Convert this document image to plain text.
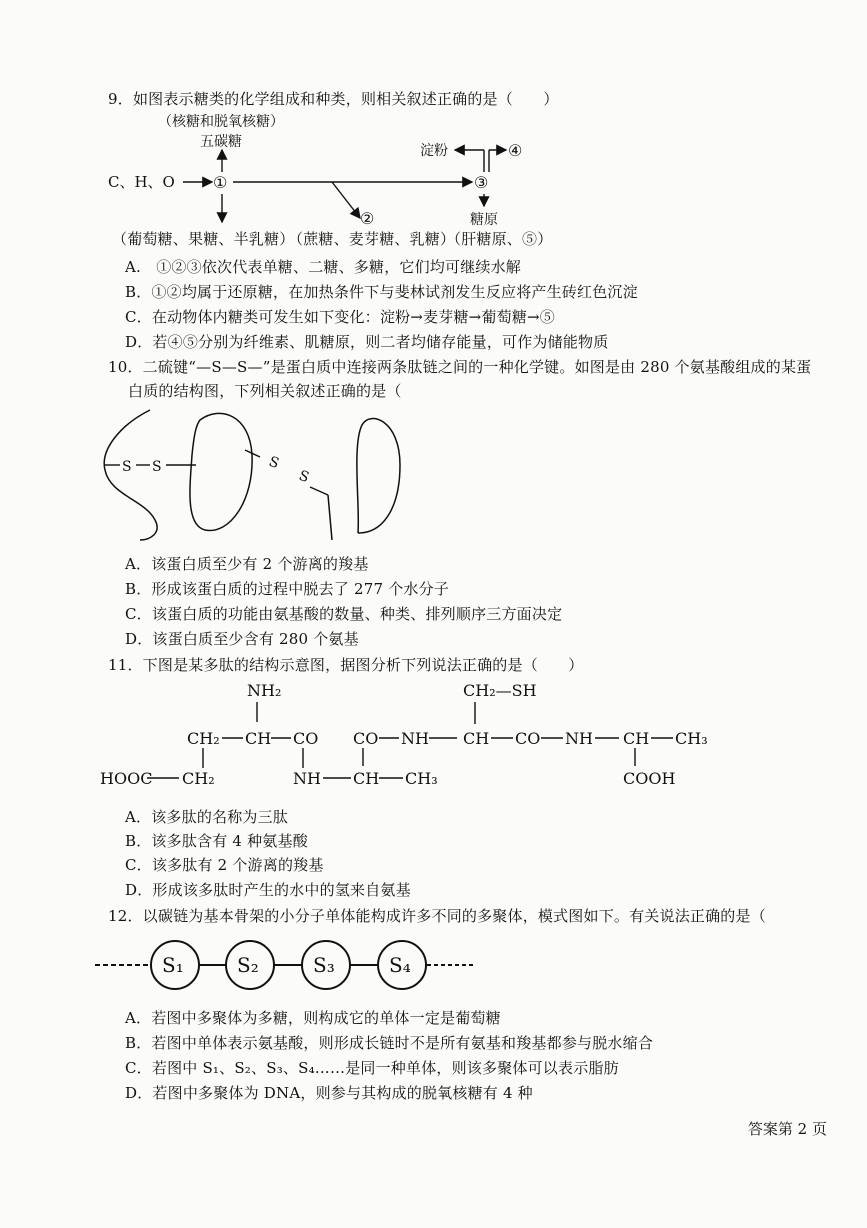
9．如图表示糖类的化学组成和种类，则相关叙述正确的是（　　）
（核糖和脱氧核糖）
五碳糖
C、H、O ①
②
③
淀粉	④
糖原
（葡萄糖、果糖、半乳糖）
（蔗糖、麦芽糖、乳糖）
（肝糖原、⑤）
A.　①②③依次代表单糖、二糖、多糖，它们均可继续水解
B．①②均属于还原糖，在加热条件下与斐林试剂发生反应将产生砖红色沉淀
C．在动物体内糖类可发生如下变化：淀粉→麦芽糖→葡萄糖→⑤
D．若④⑤分别为纤维素、肌糖原，则二者均储存能量，可作为储能物质
10．二硫键“—S—S—”是蛋白质中连接两条肽链之间的一种化学键。如图是由 280 个氨基酸组成的某蛋
白质的结构图，下列相关叙述正确的是（
S S	S
S
A．该蛋白质至少有 2 个游离的羧基
B．形成该蛋白质的过程中脱去了 277 个水分子
C．该蛋白质的功能由氨基酸的数量、种类、排列顺序三方面决定
D．该蛋白质至少含有 280 个氨基
11．下图是某多肽的结构示意图，据图分析下列说法正确的是（　　）
NH₂
CH₂ CH CO
HOOC CH₂	NH CH CH₃
CO NH CH
CH₂—SH
CO NH CH CH₃
COOH
A．该多肽的名称为三肽
B．该多肽含有 4 种氨基酸
C．该多肽有 2 个游离的羧基
D．形成该多肽时产生的水中的氢来自氨基
12．以碳链为基本骨架的小分子单体能构成许多不同的多聚体，模式图如下。有关说法正确的是（
S₁	S₂	S₃	S₄
A．若图中多聚体为多糖，则构成它的单体一定是葡萄糖
B．若图中单体表示氨基酸，则形成长链时不是所有氨基和羧基都参与脱水缩合
C．若图中 S₁、S₂、S₃、S₄……是同一种单体，则该多聚体可以表示脂肪
D．若图中多聚体为 DNA，则参与其构成的脱氧核糖有 4 种
答案第 2 页
